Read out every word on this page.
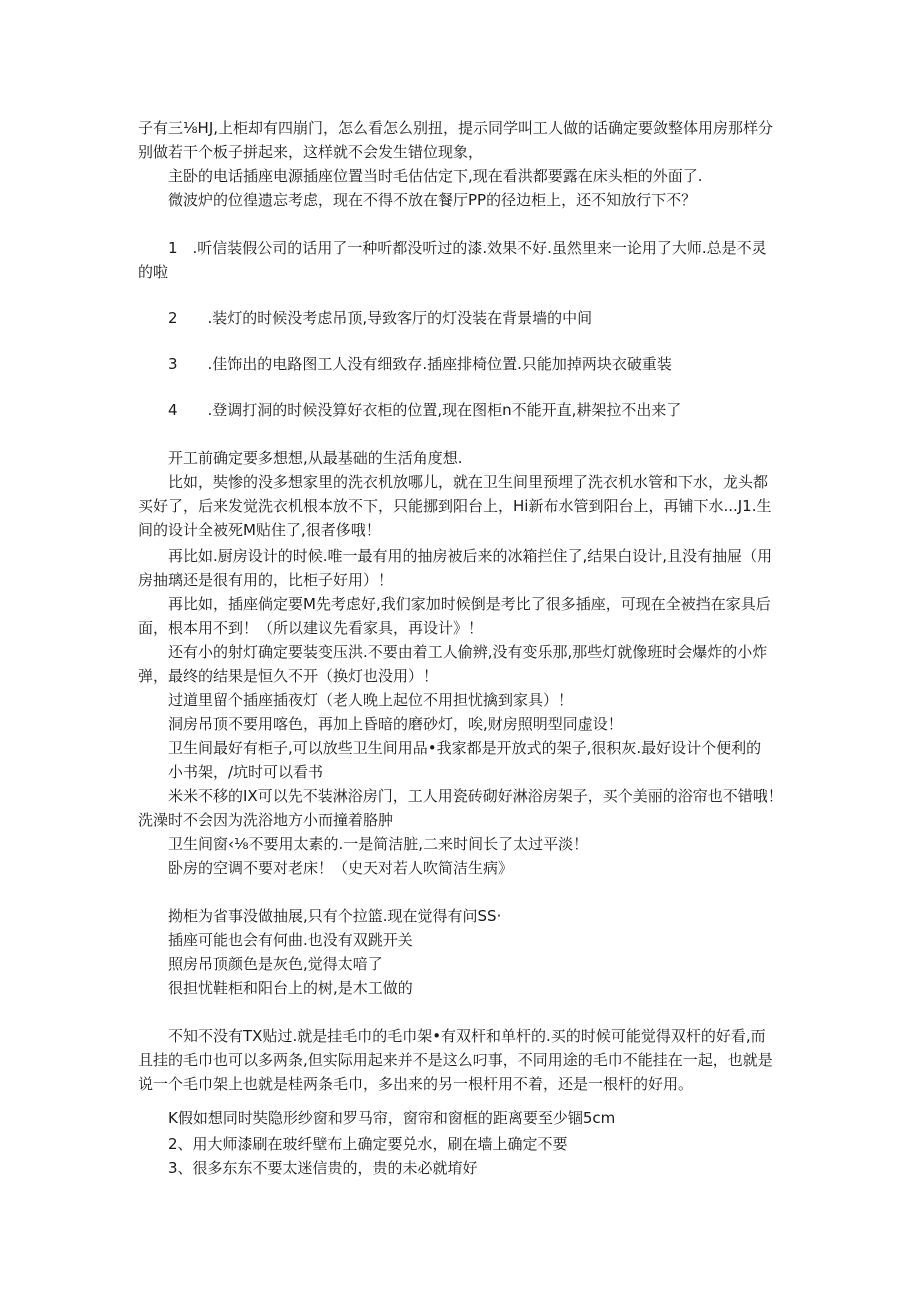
子有三⅛HJ,上柜却有四崩门，怎么看怎么别扭，提示同学叫工人做的话确定要敛整体用房那样分
别做若干个板子拼起来，这样就不会发生错位现象，
　　主卧的电话插座电源插座位置当时毛估估定下,现在看洪都要露在床头柜的外面了.
　　微波炉的位徨遗忘考虑，现在不得不放在餐厅PP的径边柜上，还不知放行下不？
　　1　.听信装假公司的话用了一种听都没听过的漆.效果不好.虽然里来一论用了大师.总是不灵
的啦
　　2　　.装灯的时候没考虑吊顶,导致客厅的灯没装在背景墙的中间
　　3　　.佳饰出的电路图工人没有细致存.插座排椅位置.只能加掉两块衣破重装
　　4　　.登调打洞的时候没算好衣柜的位置,现在图柜n不能开直,耕架拉不出来了
　　开工前确定要多想想,从最基础的生活角度想.
　　比如，奘惨的没多想家里的洗衣机放哪儿，就在卫生间里预埋了洗衣机水管和下水，龙头都
买好了，后来发觉洗衣机根本放不下，只能挪到阳台上，Hi新布水管到阳台上，再铺下水...J1.生
间的设计全被死M贴住了,很者侈哦！
　　再比如.厨房设计的时候.唯一最有用的抽房被后来的冰箱拦住了,结果白设计,且没有抽屉（用
房抽璃还是很有用的，比柜子好用）！
　　再比如，插座倘定要M先考虑好,我们家加时候倒是考比了很多插座，可现在全被挡在家具后
面，根本用不到！（所以建议先看家具，再设计》！
　　还有小的射灯确定要装变压洪.不要由着工人偷辨,没有变乐那,那些灯就像班时会爆炸的小炸
弹，最终的结果是恒久不开（换灯也没用）！
　　过道里留个插座插夜灯（老人晚上起位不用担忧擒到家具）！
　　洞房吊顶不要用喀色，再加上昏暗的磨砂灯，唉,财房照明型同虚设！
　　卫生间最好有柜子,可以放些卫生间用品•我家都是开放式的架子,很积灰.最好设计个便利的
　　小书架，/坑时可以看书
　　米米不移的IX可以先不装淋浴房门，工人用瓷砖砌好淋浴房架子，买个美丽的浴帘也不错哦！
洗澡时不会因为洗浴地方小而撞着胳肿
　　卫生间窗‹⅛不要用太素的.一是简洁脏,二来时间长了太过平淡！
　　卧房的空调不要对老床！（史天对若人吹简洁生病》
　　拗柜为省事没做抽展,只有个拉篮.现在觉得有问SS·
　　插座可能也会有何曲.也没有双跳开关
　　照房吊顶颜色是灰色,觉得太喑了
　　很担忧鞋柜和阳台上的树,是木工做的
　　不知不没有TX贴过.就是挂毛巾的毛巾架•有双杆和单杆的.买的时候可能觉得双杆的好看,而
且挂的毛巾也可以多两条,但实际用起来并不是这么叼事，不同用途的毛巾不能挂在一起，也就是
说一个毛巾架上也就是桂两条毛巾，多出来的另一根杆用不着，还是一根杆的好用。
　　K假如想同时奘隐形纱窗和罗马帘，窗帘和窗框的距离要至少锢5cm
　　2、用大师漆刷在玻纤壁布上确定要兑水，刷在墙上确定不要
　　3、很多东东不要太迷信贵的，贵的未必就堉好
